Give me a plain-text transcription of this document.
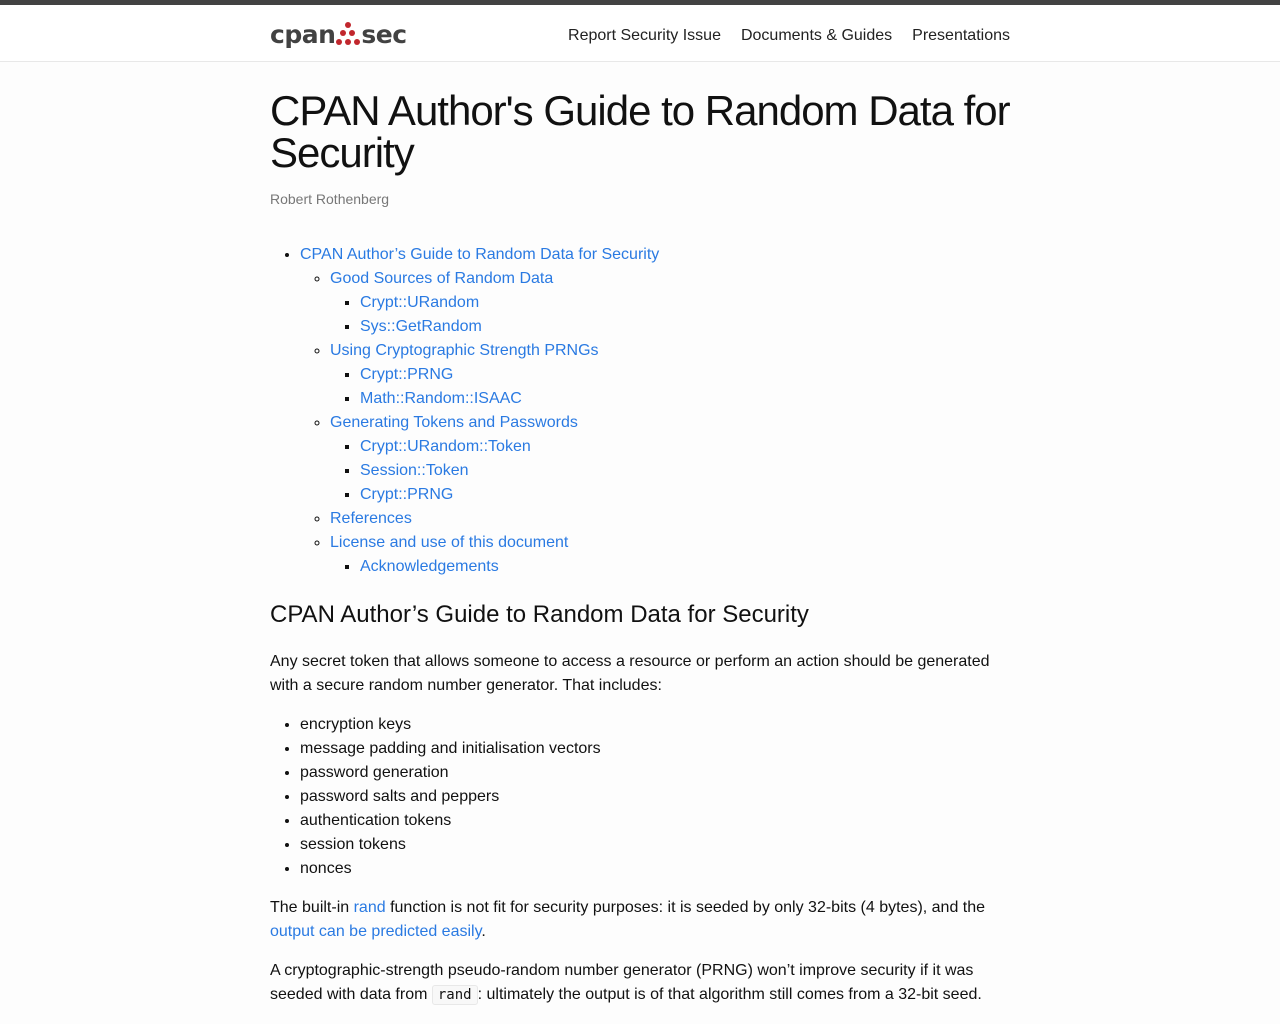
cpan sec	Report Security Issue Documents & Guides Presentations
CPAN Author's Guide to Random Data for Security
Robert Rothenberg
• CPAN Author’s Guide to Random Data for Security
◦ Good Sources of Random Data
▪ Crypt::URandom
▪ Sys::GetRandom
◦ Using Cryptographic Strength PRNGs
▪ Crypt::PRNG
▪ Math::Random::ISAAC
◦ Generating Tokens and Passwords
▪ Crypt::URandom::Token
▪ Session::Token
▪ Crypt::PRNG
◦ References
◦ License and use of this document
▪ Acknowledgements
CPAN Author’s Guide to Random Data for Security

Any secret token that allows someone to access a resource or perform an action should be generated with a secure random number generator. That includes:

• encryption keys
• message padding and initialisation vectors
• password generation
• password salts and peppers
• authentication tokens
• session tokens
• nonces

The built-in rand function is not fit for security purposes: it is seeded by only 32-bits (4 bytes), and the output can be predicted easily.

A cryptographic-strength pseudo-random number generator (PRNG) won’t improve security if it was seeded with data from rand : ultimately the output is of that algorithm still comes from a 32-bit seed.
